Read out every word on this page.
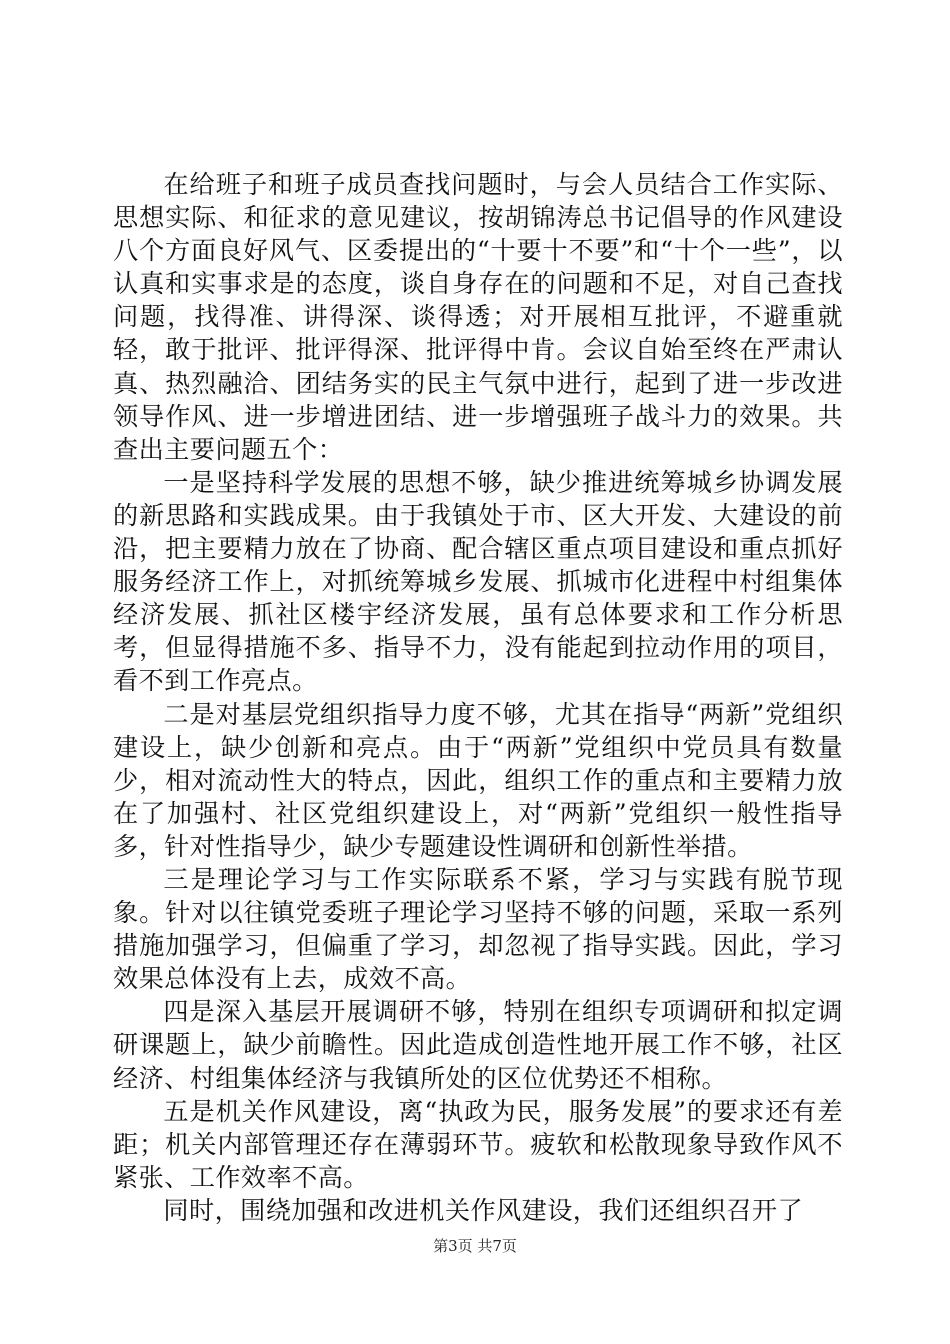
在给班子和班子成员查找问题时，与会人员结合工作实际、思想实际、和征求的意见建议，按胡锦涛总书记倡导的作风建设八个方面良好风气、区委提出的“十要十不要”和“十个一些”，以认真和实事求是的态度，谈自身存在的问题和不足，对自己查找问题，找得准、讲得深、谈得透；对开展相互批评，不避重就轻，敢于批评、批评得深、批评得中肯。会议自始至终在严肃认真、热烈融洽、团结务实的民主气氛中进行，起到了进一步改进领导作风、进一步增进团结、进一步增强班子战斗力的效果。共查出主要问题五个：

一是坚持科学发展的思想不够，缺少推进统筹城乡协调发展的新思路和实践成果。由于我镇处于市、区大开发、大建设的前沿，把主要精力放在了协商、配合辖区重点项目建设和重点抓好服务经济工作上，对抓统筹城乡发展、抓城市化进程中村组集体经济发展、抓社区楼宇经济发展，虽有总体要求和工作分析思考，但显得措施不多、指导不力，没有能起到拉动作用的项目，看不到工作亮点。

二是对基层党组织指导力度不够，尤其在指导“两新”党组织建设上，缺少创新和亮点。由于“两新”党组织中党员具有数量少，相对流动性大的特点，因此，组织工作的重点和主要精力放在了加强村、社区党组织建设上，对“两新”党组织一般性指导多，针对性指导少，缺少专题建设性调研和创新性举措。

三是理论学习与工作实际联系不紧，学习与实践有脱节现象。针对以往镇党委班子理论学习坚持不够的问题，采取一系列措施加强学习，但偏重了学习，却忽视了指导实践。因此，学习效果总体没有上去，成效不高。

四是深入基层开展调研不够，特别在组织专项调研和拟定调研课题上，缺少前瞻性。因此造成创造性地开展工作不够，社区经济、村组集体经济与我镇所处的区位优势还不相称。

五是机关作风建设，离“执政为民，服务发展”的要求还有差距；机关内部管理还存在薄弱环节。疲软和松散现象导致作风不紧张、工作效率不高。

同时，围绕加强和改进机关作风建设，我们还组织召开了

第3页 共7页
